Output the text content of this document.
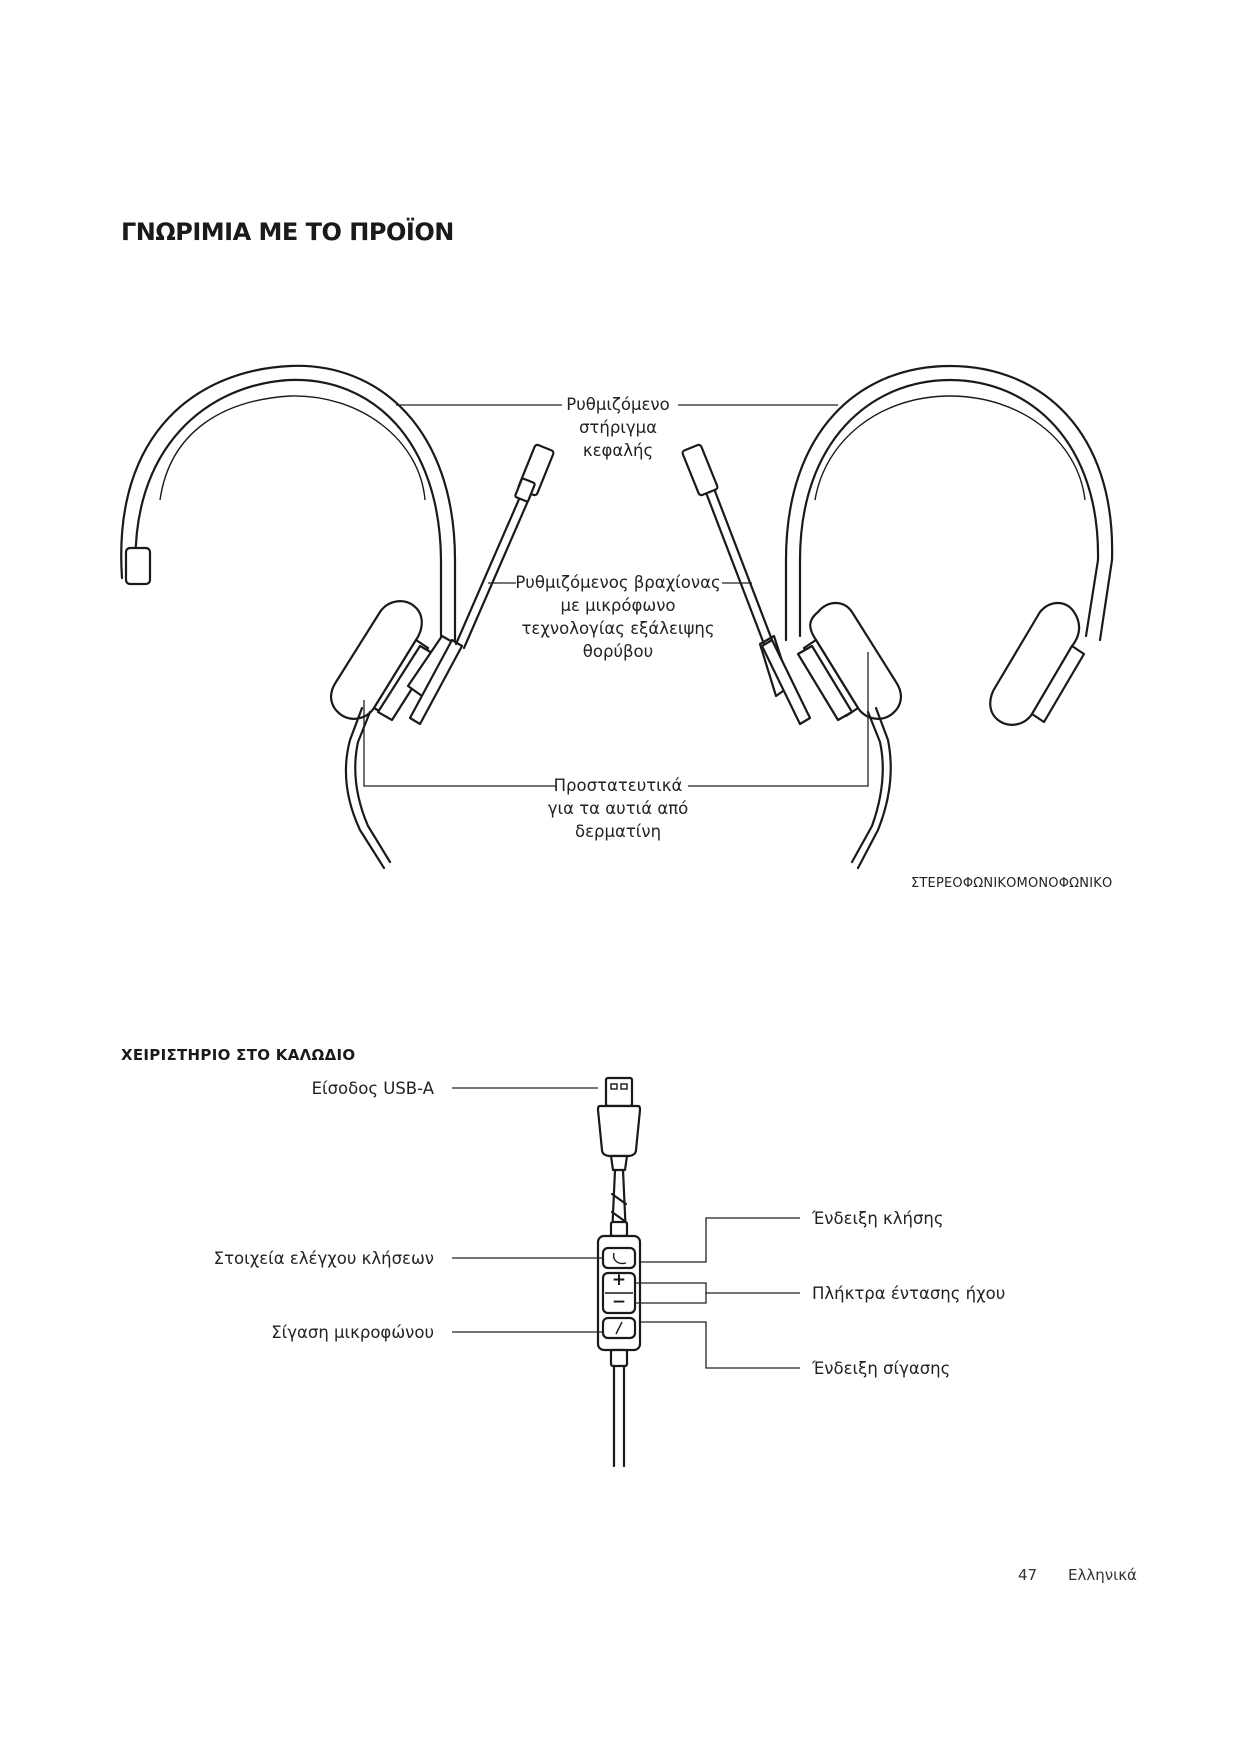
ΓΝΩΡΙΜΙΑ ΜΕ ΤΟ ΠΡΟΪΟΝ
+
−
Ρυθμιζόμενο
στήριγμα
κεφαλής
Ρυθμιζόμενος βραχίονας
με μικρόφωνο
τεχνολογίας εξάλειψης
θορύβου
Προστατευτικά
για τα αυτιά από
δερματίνη
ΣΤΕΡΕΟΦΩΝΙΚΟΜΟΝΟΦΩΝΙΚΟ
ΧΕΙΡΙΣΤΗΡΙΟ ΣΤΟ ΚΑΛΩΔΙΟ
Είσοδος USB-A
Στοιχεία ελέγχου κλήσεων
Σίγαση μικροφώνου
Ένδειξη κλήσης
Πλήκτρα έντασης ήχου
Ένδειξη σίγασης
47 Ελληνικά
